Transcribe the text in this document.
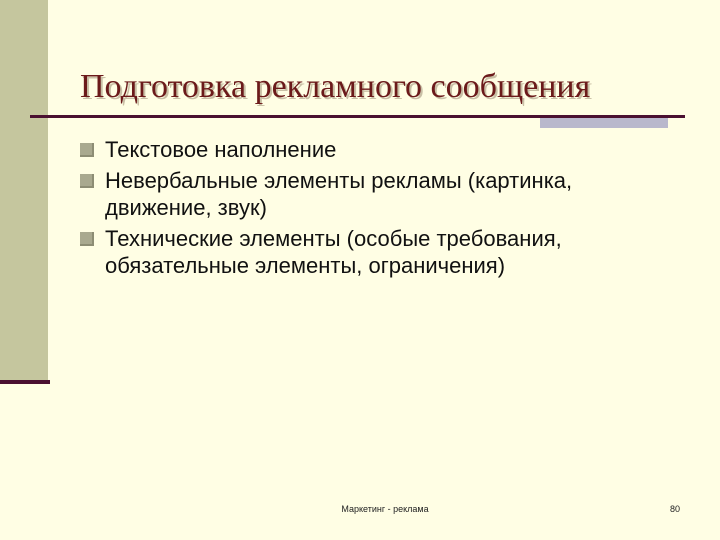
Подготовка рекламного сообщения
Текстовое наполнение
Невербальные элементы рекламы (картинка, движение, звук)
Технические элементы (особые требования, обязательные элементы, ограничения)
Маркетинг - реклама	80
